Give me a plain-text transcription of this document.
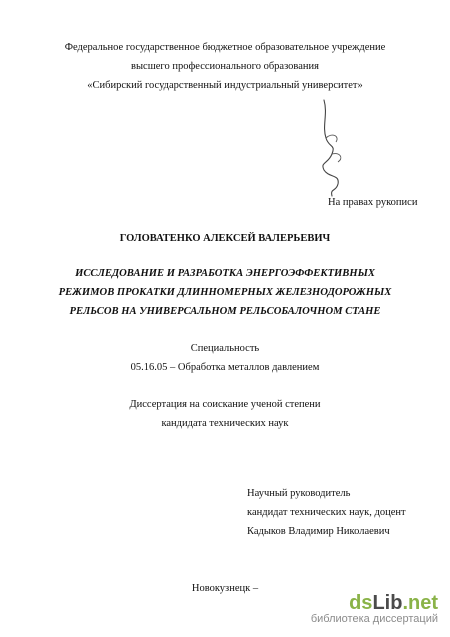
Федеральное государственное бюджетное образовательное учреждение
высшего профессионального образования
«Сибирский государственный индустриальный университет»
На правах рукописи
ГОЛОВАТЕНКО АЛЕКСЕЙ ВАЛЕРЬЕВИЧ
ИССЛЕДОВАНИЕ И РАЗРАБОТКА ЭНЕРГОЭФФЕКТИВНЫХ
РЕЖИМОВ ПРОКАТКИ ДЛИННОМЕРНЫХ ЖЕЛЕЗНОДОРОЖНЫХ
РЕЛЬСОВ НА УНИВЕРСАЛЬНОМ РЕЛЬСОБАЛОЧНОМ СТАНЕ
Специальность
05.16.05 – Обработка металлов давлением
Диссертация на соискание ученой степени
кандидата технических наук
Научный руководитель
кандидат технических наук, доцент
Кадыков Владимир Николаевич
Новокузнецк –
dsLib.net
библиотека диссертаций
